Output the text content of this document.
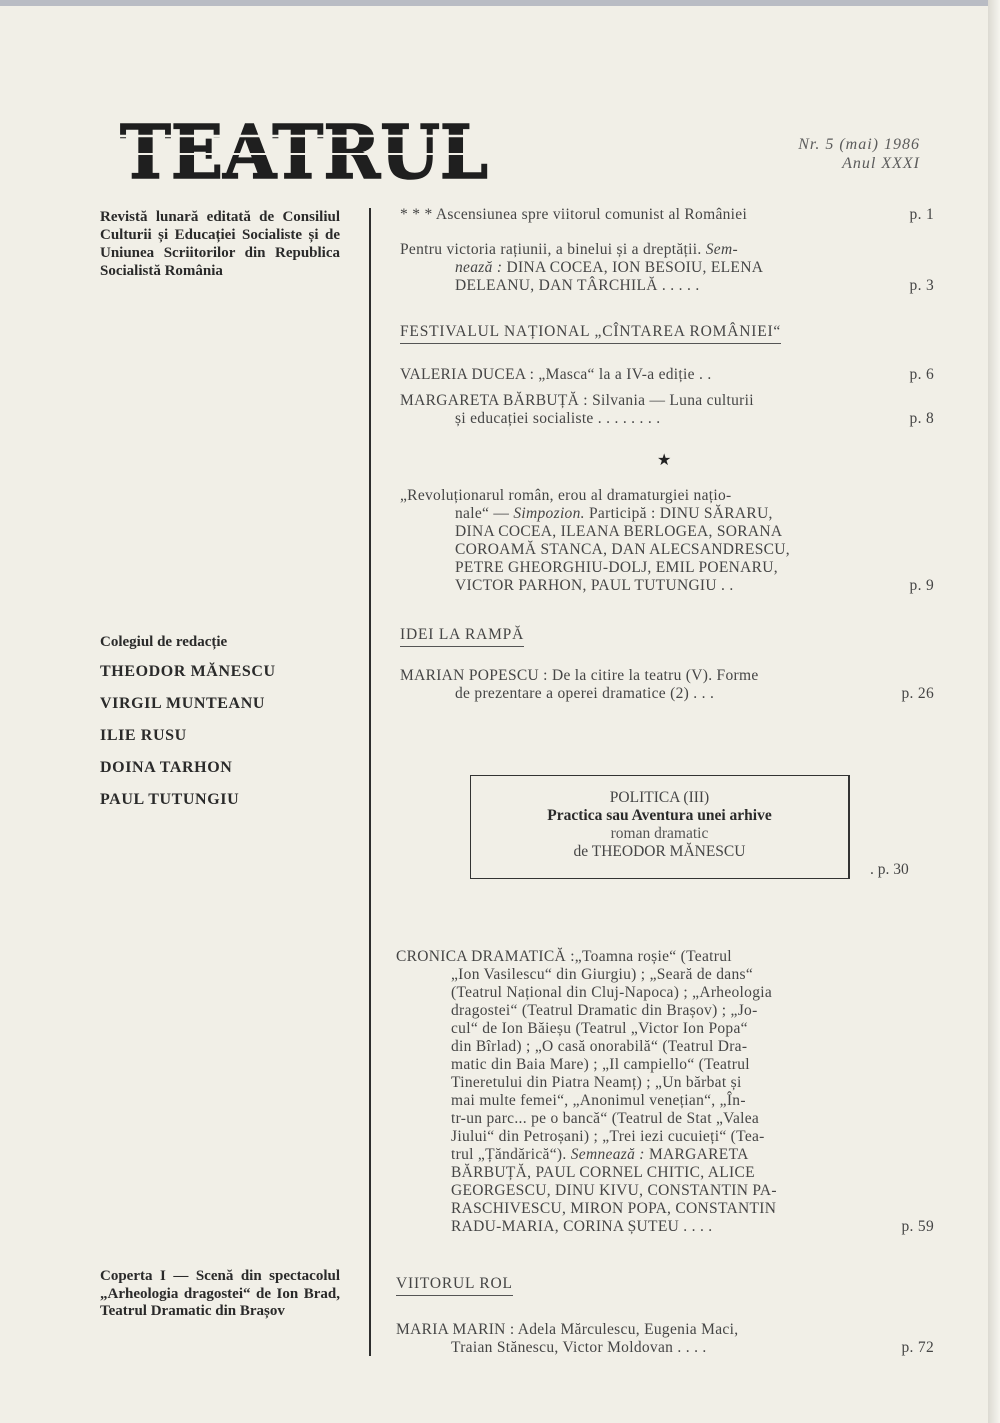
TEATRUL	Nr. 5 (mai) 1986
Anul XXXI
Revistă lunară editată de Consiliul Culturii și Educației Socialiste și de Uniunea Scriitorilor din Republica Socialistă România
Colegiul de redacție
THEODOR MĂNESCU
VIRGIL MUNTEANU
ILIE RUSU
DOINA TARHON
PAUL TUTUNGIU
Coperta I — Scenă din spectacolul „Arheologia dragostei“ de Ion Brad, Teatrul Dramatic din Brașov
* * * Ascensiunea spre viitorul comunist al României	p. 1
Pentru victoria rațiunii, a binelui și a dreptății. Sem-
nează : DINA COCEA, ION BESOIU, ELENA
DELEANU, DAN TÂRCHILĂ . . . . .	p. 3
FESTIVALUL NAȚIONAL „CÎNTAREA ROMÂNIEI“
VALERIA DUCEA : „Masca“ la a IV-a ediție . .	p. 6
MARGARETA BĂRBUȚĂ : Silvania — Luna culturii
și educației socialiste . . . . . . . .	p. 8
★
„Revoluționarul român, erou al dramaturgiei națio-
nale“ — Simpozion. Participă : DINU SĂRARU,
DINA COCEA, ILEANA BERLOGEA, SORANA
COROAMĂ STANCA, DAN ALECSANDRESCU,
PETRE GHEORGHIU-DOLJ, EMIL POENARU,
VICTOR PARHON, PAUL TUTUNGIU . .	p. 9
IDEI LA RAMPĂ
MARIAN POPESCU : De la citire la teatru (V). Forme
de prezentare a operei dramatice (2) . . .	p. 26
POLITICA (III)
Practica sau Aventura unei arhive
roman dramatic
de THEODOR MĂNESCU
. p. 30
CRONICA DRAMATICĂ :„Toamna roșie“ (Teatrul
„Ion Vasilescu“ din Giurgiu) ; „Seară de dans“
(Teatrul Național din Cluj-Napoca) ; „Arheologia
dragostei“ (Teatrul Dramatic din Brașov) ; „Jo-
cul“ de Ion Băieșu (Teatrul „Victor Ion Popa“
din Bîrlad) ; „O casă onorabilă“ (Teatrul Dra-
matic din Baia Mare) ; „Il campiello“ (Teatrul
Tineretului din Piatra Neamț) ; „Un bărbat și
mai multe femei“, „Anonimul venețian“, „În-
tr-un parc... pe o bancă“ (Teatrul de Stat „Valea
Jiului“ din Petroșani) ; „Trei iezi cucuieți“ (Tea-
trul „Țăndărică“). Semnează : MARGARETA
BĂRBUȚĂ, PAUL CORNEL CHITIC, ALICE
GEORGESCU, DINU KIVU, CONSTANTIN PA-
RASCHIVESCU, MIRON POPA, CONSTANTIN
RADU-MARIA, CORINA ȘUTEU . . . .	p. 59
VIITORUL ROL
MARIA MARIN : Adela Mărculescu, Eugenia Maci,
Traian Stănescu, Victor Moldovan . . . .	p. 72
